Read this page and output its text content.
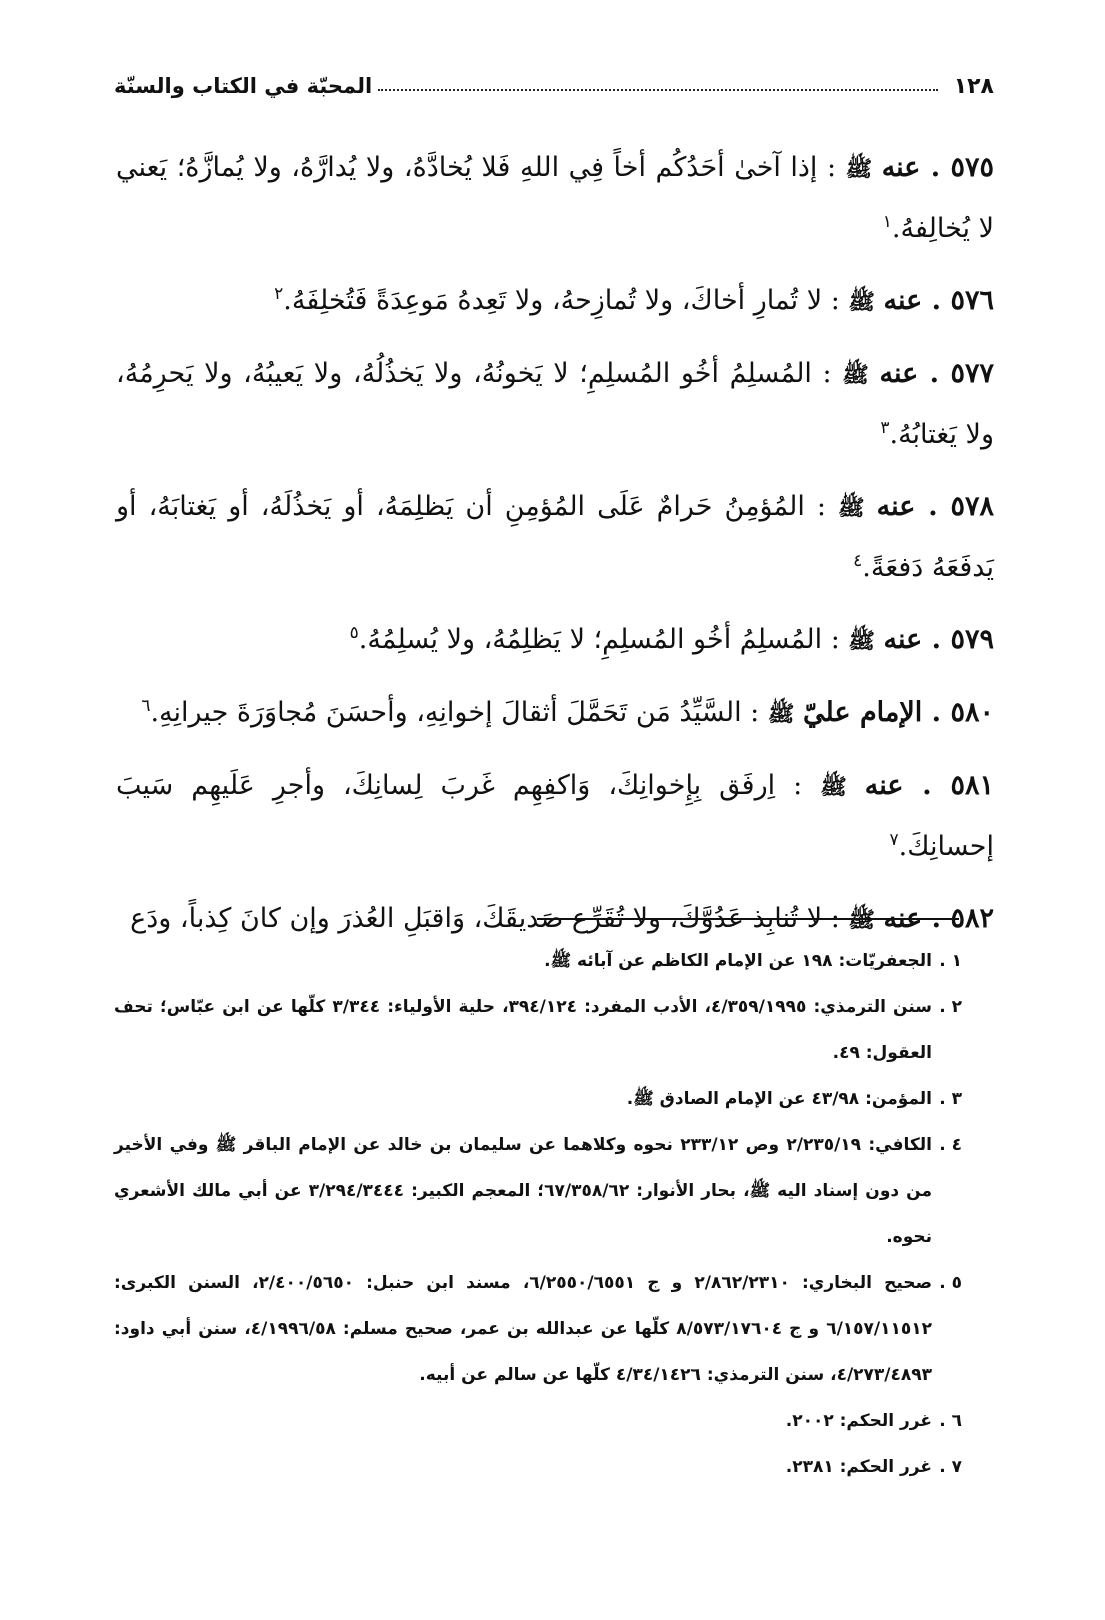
١٢٨
المحبّة في الكتاب والسنّة

٥٧٥ . عنه ﷺ : إذا آخىٰ أحَدُكُم أخاً فِي اللهِ فَلا يُخادَّهُ، ولا يُدارَّهُ، ولا يُمازَّهُ؛ يَعني لا يُخالِفهُ.$^١$

٥٧٦ . عنه ﷺ : لا تُمارِ أخاكَ، ولا تُمازِحهُ، ولا تَعِدهُ مَوعِدَةً فَتُخلِفَهُ.$^٢$

٥٧٧ . عنه ﷺ : المُسلِمُ أخُو المُسلِمِ؛ لا يَخونُهُ، ولا يَخذُلُهُ، ولا يَعيبُهُ، ولا يَحرِمُهُ، ولا يَغتابُهُ.$^٣$

٥٧٨ . عنه ﷺ : المُؤمِنُ حَرامٌ عَلَى المُؤمِنِ أن يَظلِمَهُ، أو يَخذُلَهُ، أو يَغتابَهُ، أو يَدفَعَهُ دَفعَةً.$^٤$

٥٧٩ . عنه ﷺ : المُسلِمُ أخُو المُسلِمِ؛ لا يَظلِمُهُ، ولا يُسلِمُهُ.$^٥$

٥٨٠ . الإمام عليّ ﷺ : السَّيِّدُ مَن تَحَمَّلَ أثقالَ إخوانِهِ، وأحسَنَ مُجاوَرَةَ جيرانِهِ.$^٦$

٥٨١ . عنه ﷺ : اِرفَق بِإِخوانِكَ، وَاكفِهِم غَربَ لِسانِكَ، وأجرِ عَلَيهِم سَيبَ إحسانِكَ.$^٧$

٥٨٢ . عنه ﷺ : لا تُنابِذ عَدُوَّكَ، ولا تُقَرِّع صَديقَكَ، وَاقبَلِ العُذرَ وإن كانَ كِذباً، ودَع

١ .
الجعفريّات: ١٩٨ عن الإمام الكاظم عن آبائه ﷺ.
٢ .
سنن الترمذي: ٤/٣٥٩/١٩٩٥، الأدب المفرد: ٣٩٤/١٢٤، حلية الأولياء: ٣/٣٤٤ كلّها عن ابن عبّاس؛ تحف العقول: ٤٩.
٣ .
المؤمن: ٤٣/٩٨ عن الإمام الصادق ﷺ.
٤ .
الكافي: ٢/٢٣٥/١٩ وص ٢٣٣/١٢ نحوه وكلاهما عن سليمان بن خالد عن الإمام الباقر ﷺ وفي الأخير من دون إسناد اليه ﷺ، بحار الأنوار: ٦٧/٣٥٨/٦٢؛ المعجم الكبير: ٣/٢٩٤/٣٤٤٤ عن أبي مالك الأشعري نحوه.
٥ .
صحيح البخاري: ٢/٨٦٢/٢٣١٠ و ج ٦/٢٥٥٠/٦٥٥١، مسند ابن حنبل: ٢/٤٠٠/٥٦٥٠، السنن الكبرى: ٦/١٥٧/١١٥١٢ و ج ٨/٥٧٣/١٧٦٠٤ كلّها عن عبدالله بن عمر، صحيح مسلم: ٤/١٩٩٦/٥٨، سنن أبي داود: ٤/٢٧٣/٤٨٩٣، سنن الترمذي: ٤/٣٤/١٤٢٦ كلّها عن سالم عن أبيه.
٦ .
غرر الحكم: ٢٠٠٢.
٧ .
غرر الحكم: ٢٣٨١.
